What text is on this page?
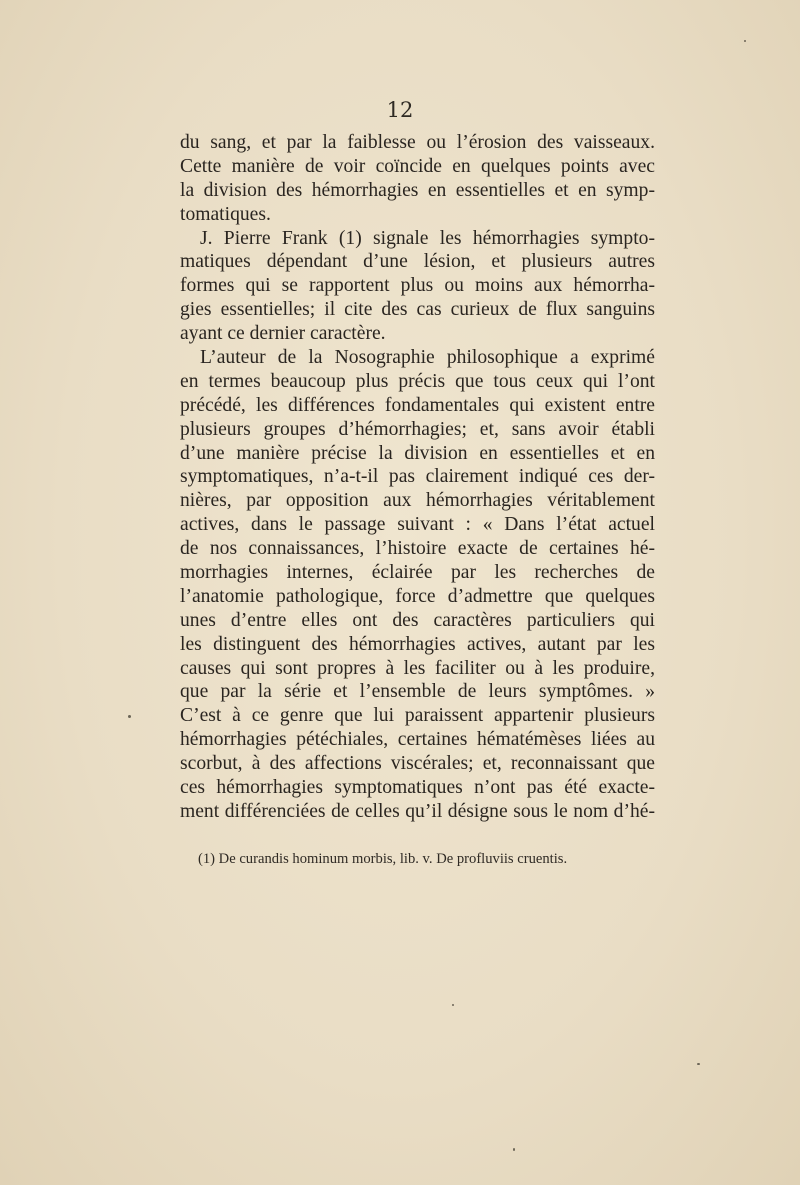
12
du sang, et par la faiblesse ou l’érosion des vaisseaux.
Cette manière de voir coïncide en quelques points avec
la division des hémorrhagies en essentielles et en symp-
tomatiques.
J. Pierre Frank (1) signale les hémorrhagies sympto-
matiques dépendant d’une lésion, et plusieurs autres
formes qui se rapportent plus ou moins aux hémorrha-
gies essentielles; il cite des cas curieux de flux sanguins
ayant ce dernier caractère.
L’auteur de la Nosographie philosophique a exprimé
en termes beaucoup plus précis que tous ceux qui l’ont
précédé, les différences fondamentales qui existent entre
plusieurs groupes d’hémorrhagies; et, sans avoir établi
d’une manière précise la division en essentielles et en
symptomatiques, n’a-t-il pas clairement indiqué ces der-
nières, par opposition aux hémorrhagies véritablement
actives, dans le passage suivant : « Dans l’état actuel
de nos connaissances, l’histoire exacte de certaines hé-
morrhagies internes, éclairée par les recherches de
l’anatomie pathologique, force d’admettre que quelques
unes d’entre elles ont des caractères particuliers qui
les distinguent des hémorrhagies actives, autant par les
causes qui sont propres à les faciliter ou à les produire,
que par la série et l’ensemble de leurs symptômes. »
C’est à ce genre que lui paraissent appartenir plusieurs
hémorrhagies pétéchiales, certaines hématémèses liées au
scorbut, à des affections viscérales; et, reconnaissant que
ces hémorrhagies symptomatiques n’ont pas été exacte-
ment différenciées de celles qu’il désigne sous le nom d’hé-
(1) De curandis hominum morbis, lib. v. De profluviis cruentis.
